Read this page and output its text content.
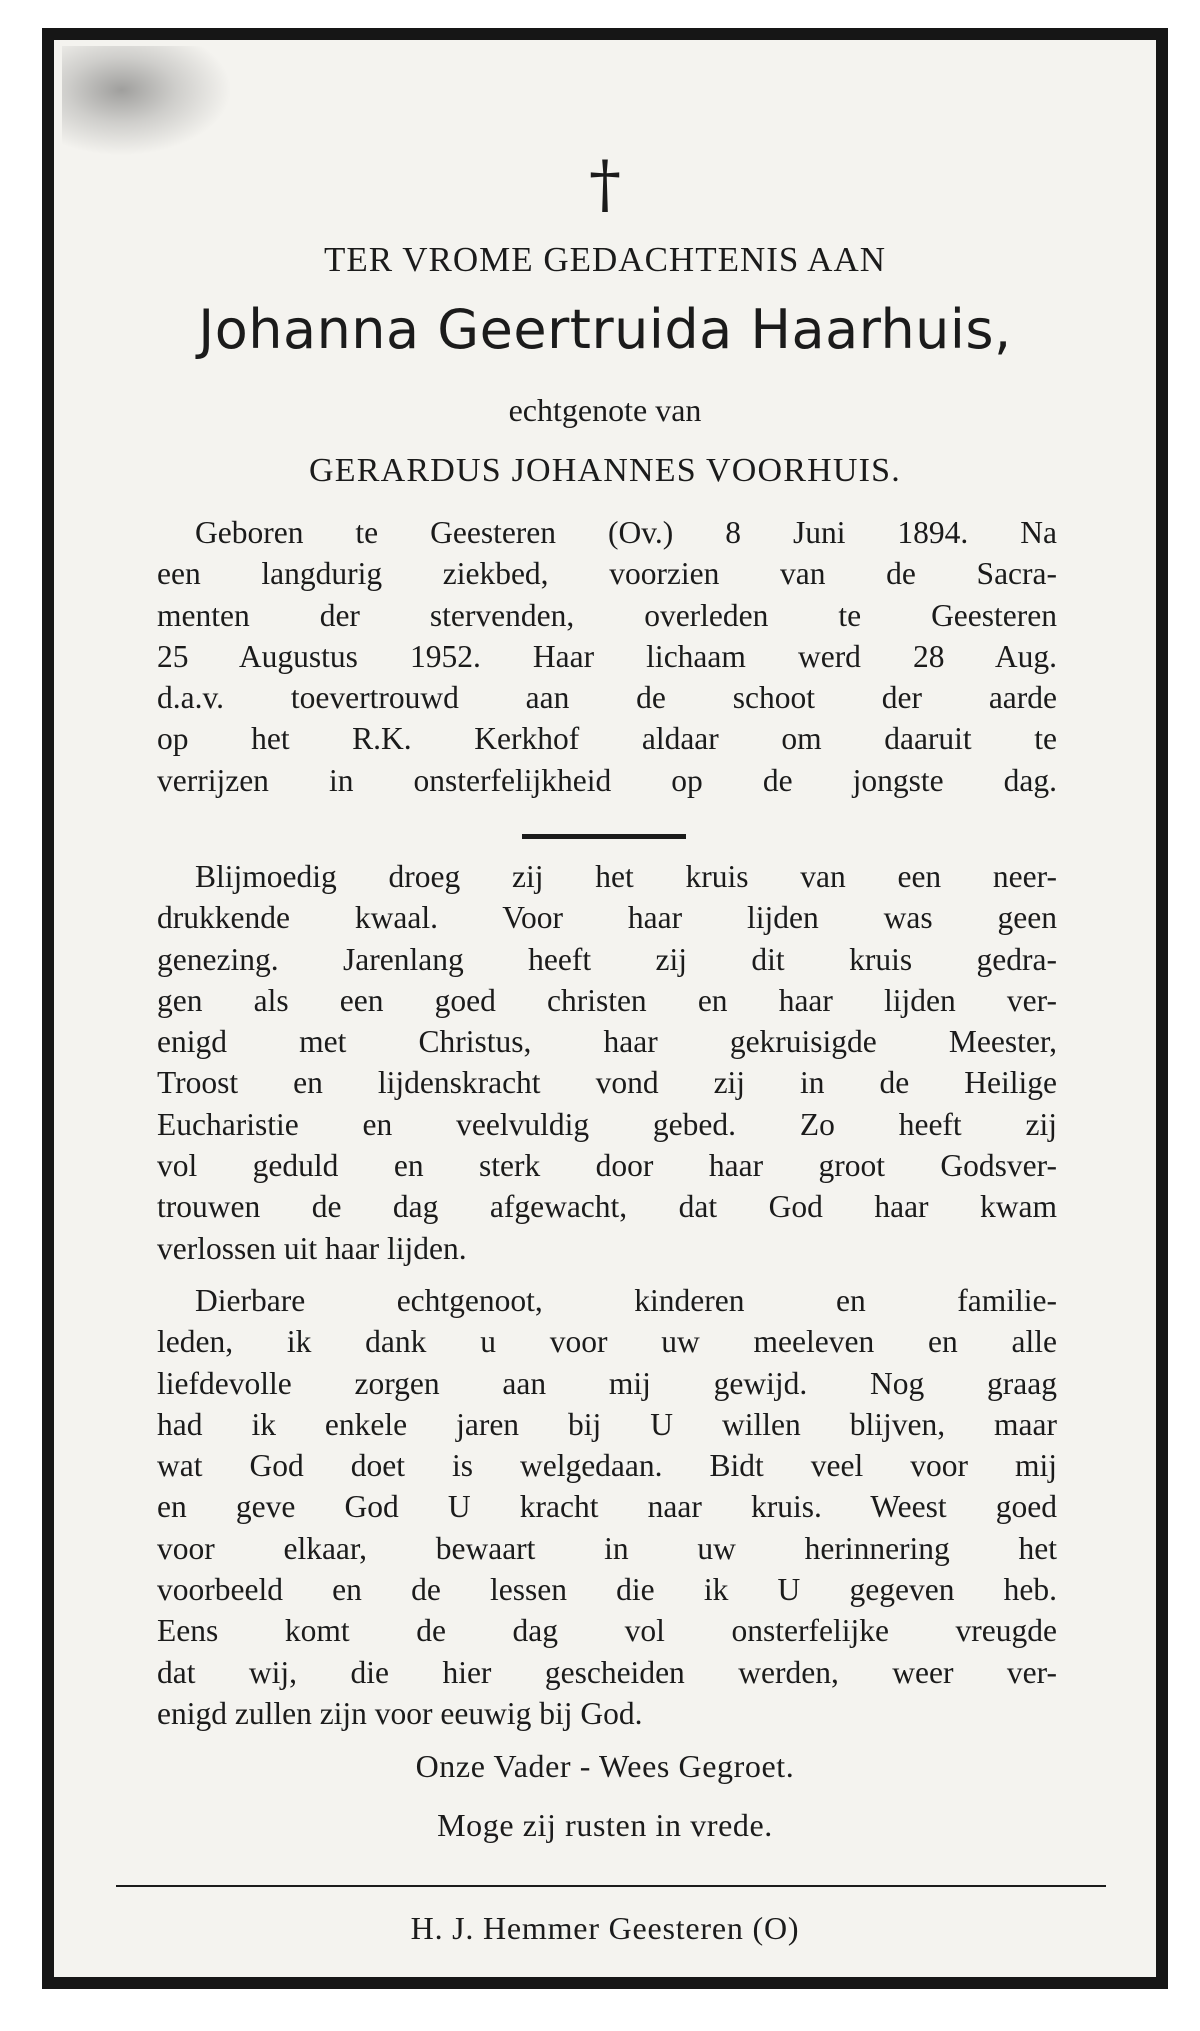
†
TER VROME GEDACHTENIS AAN
Johanna Geertruida Haarhuis,
echtgenote van
GERARDUS JOHANNES VOORHUIS.
Geboren te Geesteren (Ov.) 8 Juni 1894. Na
een langdurig ziekbed, voorzien van de Sacra-
menten der stervenden, overleden te Geesteren
25 Augustus 1952. Haar lichaam werd 28 Aug.
d.a.v. toevertrouwd aan de schoot der aarde
op het R.K. Kerkhof aldaar om daaruit te
verrijzen in onsterfelijkheid op de jongste dag.
Blijmoedig droeg zij het kruis van een neer-
drukkende kwaal. Voor haar lijden was geen
genezing. Jarenlang heeft zij dit kruis gedra-
gen als een goed christen en haar lijden ver-
enigd met Christus, haar gekruisigde Meester,
Troost en lijdenskracht vond zij in de Heilige
Eucharistie en veelvuldig gebed. Zo heeft zij
vol geduld en sterk door haar groot Godsver-
trouwen de dag afgewacht, dat God haar kwam
verlossen uit haar lijden.
Dierbare echtgenoot, kinderen en familie-
leden, ik dank u voor uw meeleven en alle
liefdevolle zorgen aan mij gewijd. Nog graag
had ik enkele jaren bij U willen blijven, maar
wat God doet is welgedaan. Bidt veel voor mij
en geve God U kracht naar kruis. Weest goed
voor elkaar, bewaart in uw herinnering het
voorbeeld en de lessen die ik U gegeven heb.
Eens komt de dag vol onsterfelijke vreugde
dat wij, die hier gescheiden werden, weer ver-
enigd zullen zijn voor eeuwig bij God.
Onze Vader - Wees Gegroet.
Moge zij rusten in vrede.
H. J. Hemmer Geesteren (O)
